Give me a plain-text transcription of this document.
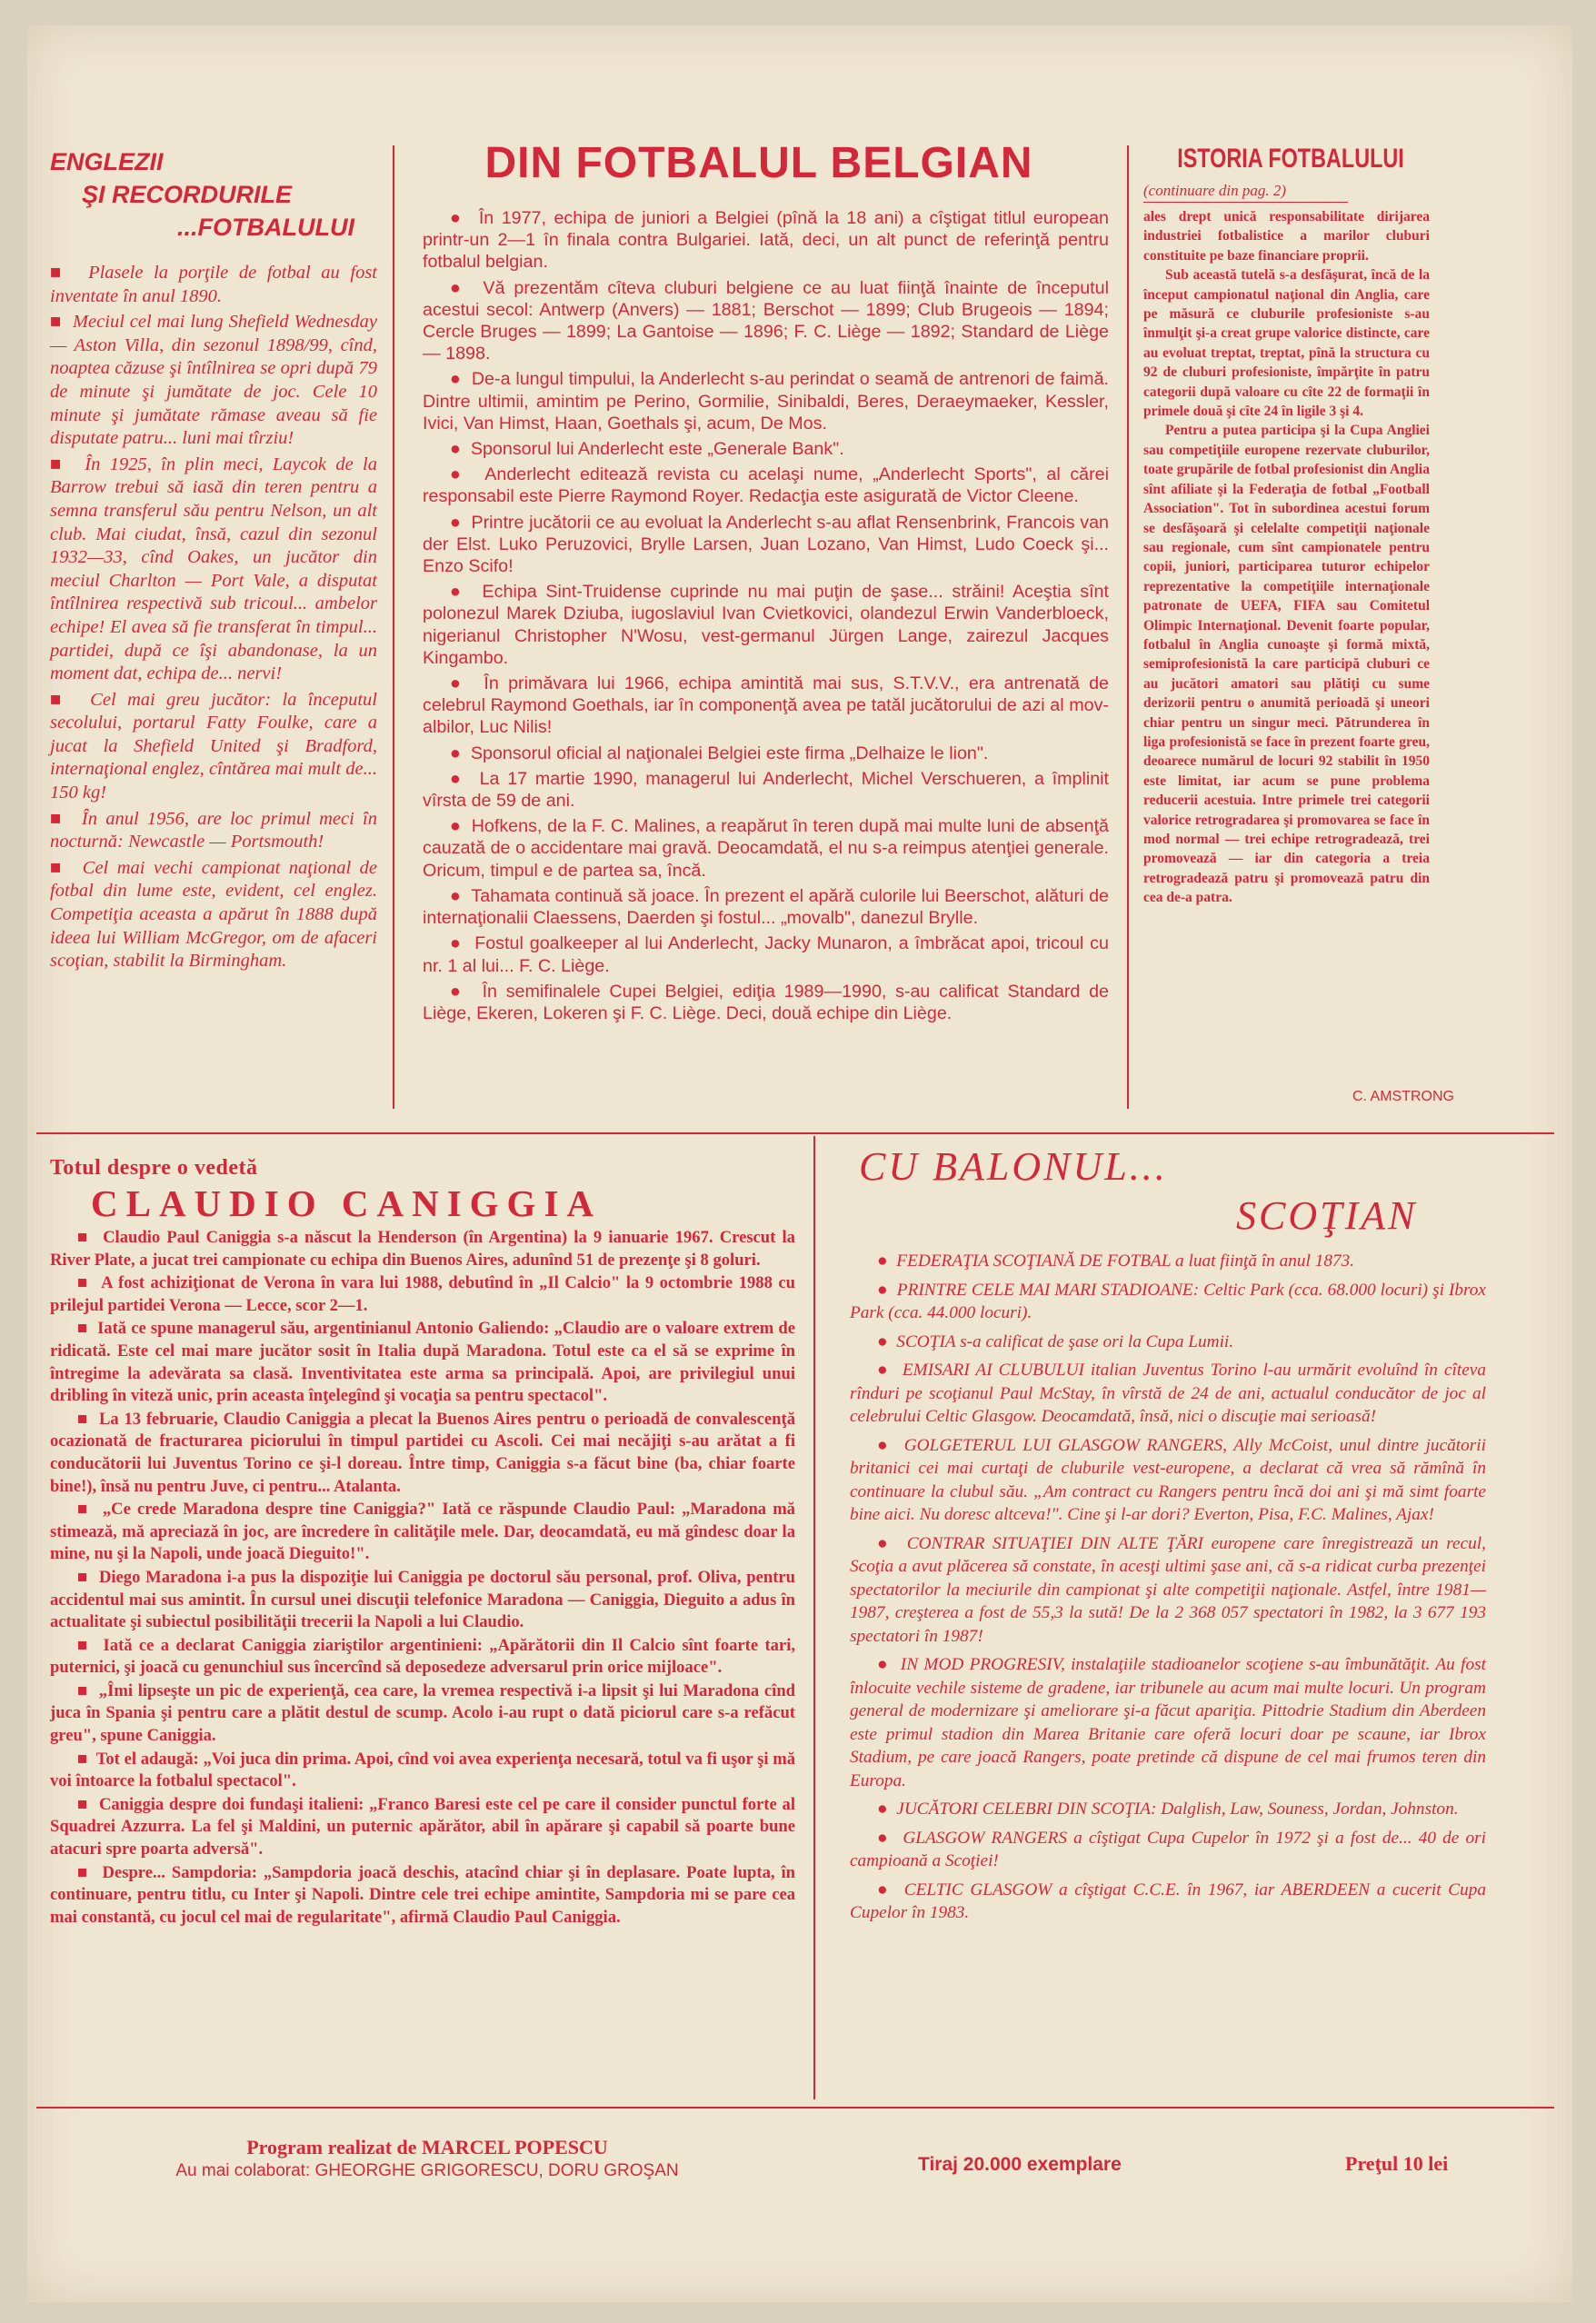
ENGLEZII
ŞI RECORDURILE
...FOTBALULUI

■  Plasele la porţile de fotbal au fost inventate în anul 1890.

■  Meciul cel mai lung Shefield Wednesday — Aston Villa, din sezonul 1898/99, cînd, noaptea căzuse şi întîlnirea se opri după 79 de minute şi jumătate de joc. Cele 10 minute şi jumătate rămase aveau să fie disputate patru... luni mai tîrziu!

■  În 1925, în plin meci, Laycok de la Barrow trebui să iasă din teren pentru a semna transferul său pentru Nelson, un alt club. Mai ciudat, însă, cazul din sezonul 1932—33, cînd Oakes, un jucător din meciul Charlton — Port Vale, a disputat întîlnirea respectivă sub tricoul... ambelor echipe! El avea să fie transferat în timpul... partidei, după ce îşi abandonase, la un moment dat, echipa de... nervi!

■  Cel mai greu jucător: la începutul secolului, portarul Fatty Foulke, care a jucat la Shefield United şi Bradford, internaţional englez, cîntărea mai mult de... 150 kg!

■  În anul 1956, are loc primul meci în nocturnă: Newcastle — Portsmouth!

■  Cel mai vechi campionat naţional de fotbal din lume este, evident, cel englez. Competiţia aceasta a apărut în 1888 după ideea lui William McGregor, om de afaceri scoţian, stabilit la Birmingham.

DIN FOTBALUL BELGIAN

●  În 1977, echipa de juniori a Belgiei (pînă la 18 ani) a cîştigat titlul european printr-un 2—1 în finala contra Bulgariei. Iată, deci, un alt punct de referinţă pentru fotbalul belgian.

●  Vă prezentăm cîteva cluburi belgiene ce au luat fiinţă înainte de începutul acestui secol: Antwerp (Anvers) — 1881; Berschot — 1899; Club Brugeois — 1894; Cercle Bruges — 1899; La Gantoise — 1896; F. C. Liège — 1892; Standard de Liège — 1898.

●  De-a lungul timpului, la Anderlecht s-au perindat o seamă de antrenori de faimă. Dintre ultimii, amintim pe Perino, Gormilie, Sinibaldi, Beres, Deraeymaeker, Kessler, Ivici, Van Himst, Haan, Goethals şi, acum, De Mos.

●  Sponsorul lui Anderlecht este „Generale Bank".

●  Anderlecht editează revista cu acelaşi nume, „Anderlecht Sports", al cărei responsabil este Pierre Raymond Royer. Redacţia este asigurată de Victor Cleene.

●  Printre jucătorii ce au evoluat la Anderlecht s-au aflat Rensenbrink, Francois van der Elst. Luko Peruzovici, Brylle Larsen, Juan Lozano, Van Himst, Ludo Coeck şi... Enzo Scifo!

●  Echipa Sint-Truidense cuprinde nu mai puţin de şase... străini! Aceştia sînt polonezul Marek Dziuba, iugoslaviul Ivan Cvietkovici, olandezul Erwin Vanderbloeck, nigerianul Christopher N'Wosu, vest-germanul Jürgen Lange, zairezul Jacques Kingambo.

●  În primăvara lui 1966, echipa amintită mai sus, S.T.V.V., era antrenată de celebrul Raymond Goethals, iar în componenţă avea pe tatăl jucătorului de azi al mov-albilor, Luc Nilis!

●  Sponsorul oficial al naţionalei Belgiei este firma „Delhaize le lion".

●  La 17 martie 1990, managerul lui Anderlecht, Michel Verschueren, a împlinit vîrsta de 59 de ani.

●  Hofkens, de la F. C. Malines, a reapărut în teren după mai multe luni de absenţă cauzată de o accidentare mai gravă. Deocamdată, el nu s-a reimpus atenţiei generale. Oricum, timpul e de partea sa, încă.

●  Tahamata continuă să joace. În prezent el apără culorile lui Beerschot, alături de internaţionalii Claessens, Daerden şi fostul... „movalb", danezul Brylle.

●  Fostul goalkeeper al lui Anderlecht, Jacky Munaron, a îmbrăcat apoi, tricoul cu nr. 1 al lui... F. C. Liège.

●  În semifinalele Cupei Belgiei, ediţia 1989—1990, s-au calificat Standard de Liège, Ekeren, Lokeren şi F. C. Liège. Deci, două echipe din Liège.

ISTORIA FOTBALULUI
(continuare din pag. 2)

ales drept unică responsabilitate dirijarea industriei fotbalistice a marilor cluburi constituite pe baze financiare proprii.

Sub această tutelă s-a desfăşurat, încă de la început campionatul naţional din Anglia, care pe măsură ce cluburile profesioniste s-au înmulţit şi-a creat grupe valorice distincte, care au evoluat treptat, treptat, pînă la structura cu 92 de cluburi profesioniste, împărţite în patru categorii după valoare cu cîte 22 de formaţii în primele două şi cîte 24 în ligile 3 şi 4.

Pentru a putea participa şi la Cupa Angliei sau competiţiile europene rezervate cluburilor, toate grupările de fotbal profesionist din Anglia sînt afiliate şi la Federaţia de fotbal „Football Association". Tot în subordinea acestui forum se desfăşoară şi celelalte competiţii naţionale sau regionale, cum sînt campionatele pentru copii, juniori, participarea tuturor echipelor reprezentative la competiţiile internaţionale patronate de UEFA, FIFA sau Comitetul Olimpic Internaţional. Devenit foarte popular, fotbalul în Anglia cunoaşte şi formă mixtă, semiprofesionistă la care participă cluburi ce au jucători amatori sau plătiţi cu sume derizorii pentru o anumită perioadă şi uneori chiar pentru un singur meci. Pătrunderea în liga profesionistă se face în prezent foarte greu, deoarece numărul de locuri 92 stabilit în 1950 este limitat, iar acum se pune problema reducerii acestuia. Intre primele trei categorii valorice retrogradarea şi promovarea se face în mod normal — trei echipe retrogradează, trei promovează — iar din categoria a treia retrogradează patru şi promovează patru din cea de-a patra.

C. AMSTRONG
Totul despre o vedetă
CLAUDIO CANIGGIA

■  Claudio Paul Caniggia s-a născut la Henderson (în Argentina) la 9 ianuarie 1967. Crescut la River Plate, a jucat trei campionate cu echipa din Buenos Aires, adunînd 51 de prezenţe şi 8 goluri.

■  A fost achiziţionat de Verona în vara lui 1988, debutînd în „Il Calcio" la 9 octombrie 1988 cu prilejul partidei Verona — Lecce, scor 2—1.

■  Iată ce spune managerul său, argentinianul Antonio Galiendo: „Claudio are o valoare extrem de ridicată. Este cel mai mare jucător sosit în Italia după Maradona. Totul este ca el să se exprime în întregime la adevărata sa clasă. Inventivitatea este arma sa principală. Apoi, are privilegiul unui dribling în viteză unic, prin aceasta înţelegînd şi vocaţia sa pentru spectacol".

■  La 13 februarie, Claudio Caniggia a plecat la Buenos Aires pentru o perioadă de convalescenţă ocazionată de fracturarea piciorului în timpul partidei cu Ascoli. Cei mai necăjiţi s-au arătat a fi conducătorii lui Juventus Torino ce şi-l doreau. Între timp, Caniggia s-a făcut bine (ba, chiar foarte bine!), însă nu pentru Juve, ci pentru... Atalanta.

■  „Ce crede Maradona despre tine Caniggia?" Iată ce răspunde Claudio Paul: „Maradona mă stimează, mă apreciază în joc, are încredere în calităţile mele. Dar, deocamdată, eu mă gîndesc doar la mine, nu şi la Napoli, unde joacă Dieguito!".

■  Diego Maradona i-a pus la dispoziţie lui Caniggia pe doctorul său personal, prof. Oliva, pentru accidentul mai sus amintit. În cursul unei discuţii telefonice Maradona — Caniggia, Dieguito a adus în actualitate şi subiectul posibilităţii trecerii la Napoli a lui Claudio.

■  Iată ce a declarat Caniggia ziariştilor argentinieni: „Apărătorii din Il Calcio sînt foarte tari, puternici, şi joacă cu genunchiul sus încercînd să deposedeze adversarul prin orice mijloace".

■  „Îmi lipseşte un pic de experienţă, cea care, la vremea respectivă i-a lipsit şi lui Maradona cînd juca în Spania şi pentru care a plătit destul de scump. Acolo i-au rupt o dată piciorul care s-a refăcut greu", spune Caniggia.

■  Tot el adaugă: „Voi juca din prima. Apoi, cînd voi avea experienţa necesară, totul va fi uşor şi mă voi întoarce la fotbalul spectacol".

■  Caniggia despre doi fundaşi italieni: „Franco Baresi este cel pe care il consider punctul forte al Squadrei Azzurra. La fel şi Maldini, un puternic apărător, abil în apărare şi capabil să poarte bune atacuri spre poarta adversă".

■  Despre... Sampdoria: „Sampdoria joacă deschis, atacînd chiar şi în deplasare. Poate lupta, în continuare, pentru titlu, cu Inter şi Napoli. Dintre cele trei echipe amintite, Sampdoria mi se pare cea mai constantă, cu jocul cel mai de regularitate", afirmă Claudio Paul Caniggia.

CU BALONUL...
SCOŢIAN

●  FEDERAŢIA SCOŢIANĂ DE FOTBAL a luat fiinţă în anul 1873.

●  PRINTRE CELE MAI MARI STADIOANE: Celtic Park (cca. 68.000 locuri) şi Ibrox Park (cca. 44.000 locuri).

●  SCOŢIA s-a calificat de şase ori la Cupa Lumii.

●  EMISARI AI CLUBULUI italian Juventus Torino l-au urmărit evoluînd în cîteva rînduri pe scoţianul Paul McStay, în vîrstă de 24 de ani, actualul conducător de joc al celebrului Celtic Glasgow. Deocamdată, însă, nici o discuţie mai serioasă!

●  GOLGETERUL LUI GLASGOW RANGERS, Ally McCoist, unul dintre jucătorii britanici cei mai curtaţi de cluburile vest-europene, a declarat că vrea să rămînă în continuare la clubul său. „Am contract cu Rangers pentru încă doi ani şi mă simt foarte bine aici. Nu doresc altceva!". Cine şi l-ar dori? Everton, Pisa, F.C. Malines, Ajax!

●  CONTRAR SITUAŢIEI DIN ALTE ŢĂRI europene care înregistrează un recul, Scoţia a avut plăcerea să constate, în acesţi ultimi şase ani, că s-a ridicat curba prezenţei spectatorilor la meciurile din campionat şi alte competiţii naţionale. Astfel, între 1981—1987, creşterea a fost de 55,3 la sută! De la 2 368 057 spectatori în 1982, la 3 677 193 spectatori în 1987!

●  IN MOD PROGRESIV, instalaţiile stadioanelor scoţiene s-au îmbunătăţit. Au fost înlocuite vechile sisteme de gradene, iar tribunele au acum mai multe locuri. Un program general de modernizare şi ameliorare şi-a făcut apariţia. Pittodrie Stadium din Aberdeen este primul stadion din Marea Britanie care oferă locuri doar pe scaune, iar Ibrox Stadium, pe care joacă Rangers, poate pretinde că dispune de cel mai frumos teren din Europa.

●  JUCĂTORI CELEBRI DIN SCOŢIA: Dalglish, Law, Souness, Jordan, Johnston.

●  GLASGOW RANGERS a cîştigat Cupa Cupelor în 1972 şi a fost de... 40 de ori campioană a Scoţiei!

●  CELTIC GLASGOW a cîştigat C.C.E. în 1967, iar ABERDEEN a cucerit Cupa Cupelor în 1983.

Program realizat de MARCEL POPESCU
Au mai colaborat: GHEORGHE GRIGORESCU, DORU GROŞAN	Tiraj 20.000 exemplare	Preţul 10 lei
